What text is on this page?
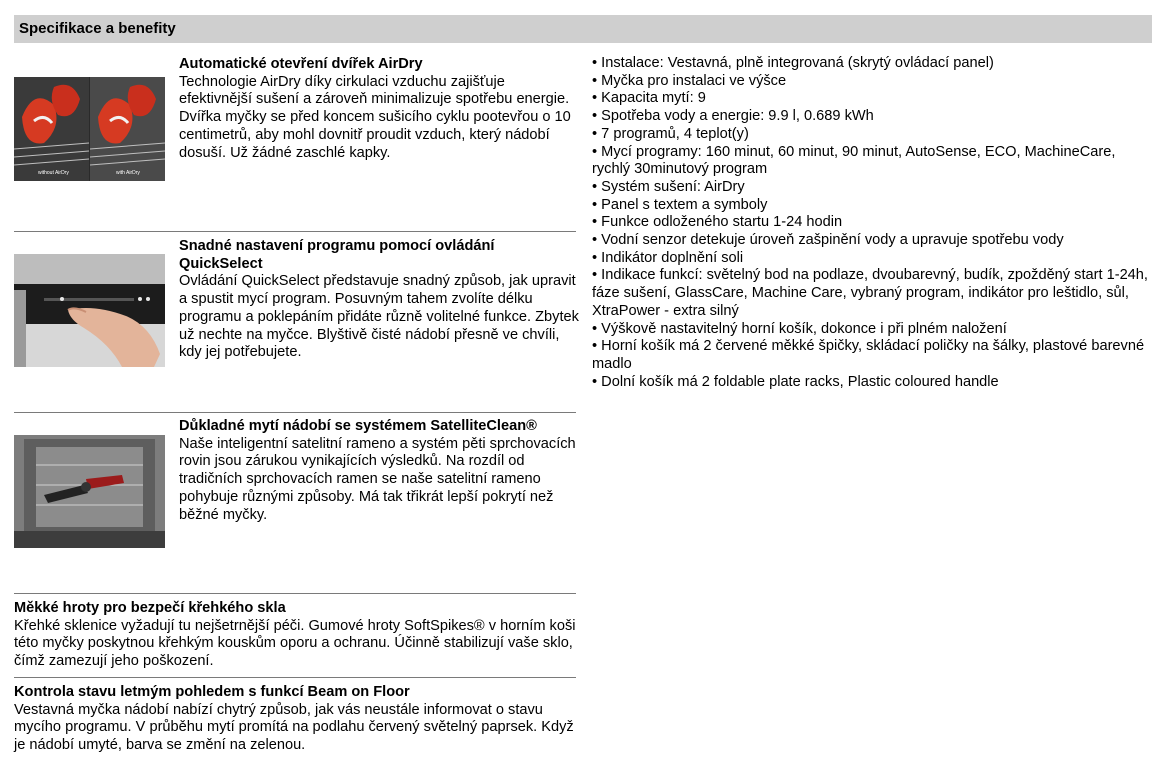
Specifikace a benefity
without AirDry	with AirDry
Automatické otevření dvířek AirDry
Technologie AirDry díky cirkulaci vzduchu zajišťuje efektivnější sušení a zároveň minimalizuje spotřebu energie. Dvířka myčky se před koncem sušicího cyklu pootevřou o 10 centimetrů, aby mohl dovnitř proudit vzduch, který nádobí dosuší. Už žádné zaschlé kapky.
Snadné nastavení programu pomocí ovládání QuickSelect
Ovládání QuickSelect představuje snadný způsob, jak upravit a spustit mycí program. Posuvným tahem zvolíte délku programu a poklepáním přidáte různě volitelné funkce. Zbytek už nechte na myčce. Blyštivě čisté nádobí přesně ve chvíli, kdy jej potřebujete.
Důkladné mytí nádobí se systémem SatelliteClean®
Naše inteligentní satelitní rameno a systém pěti sprchovacích rovin jsou zárukou vynikajících výsledků. Na rozdíl od tradičních sprchovacích ramen se naše satelitní rameno pohybuje různými způsoby. Má tak třikrát lepší pokrytí než běžné myčky.
Měkké hroty pro bezpečí křehkého skla
Křehké sklenice vyžadují tu nejšetrnější péči. Gumové hroty SoftSpikes® v horním koši této myčky poskytnou křehkým kouskům oporu a ochranu. Účinně stabilizují vaše sklo, čímž zamezují jeho poškození.
Kontrola stavu letmým pohledem s funkcí Beam on Floor
Vestavná myčka nádobí nabízí chytrý způsob, jak vás neustále informovat o stavu mycího programu. V průběhu mytí promítá na podlahu červený světelný paprsek. Když je nádobí umyté, barva se změní na zelenou.
• Instalace: Vestavná, plně integrovaná (skrytý ovládací panel)
• Myčka pro instalaci ve výšce
• Kapacita mytí: 9
• Spotřeba vody a energie: 9.9 l, 0.689 kWh
• 7 programů, 4 teplot(y)
• Mycí programy: 160 minut, 60 minut, 90 minut, AutoSense, ECO, MachineCare, rychlý 30minutový program
• Systém sušení: AirDry
• Panel s textem a symboly
• Funkce odloženého startu 1-24 hodin
• Vodní senzor detekuje úroveň zašpinění vody a upravuje spotřebu vody
• Indikátor doplnění soli
• Indikace funkcí: světelný bod na podlaze, dvoubarevný, budík, zpožděný start 1-24h, fáze sušení, GlassCare, Machine Care, vybraný program, indikátor pro leštidlo, sůl, XtraPower - extra silný
• Výškově nastavitelný horní košík, dokonce i při plném naložení
• Horní košík má 2 červené měkké špičky, skládací poličky na šálky, plastové barevné madlo
• Dolní košík má 2 foldable plate racks, Plastic coloured handle
